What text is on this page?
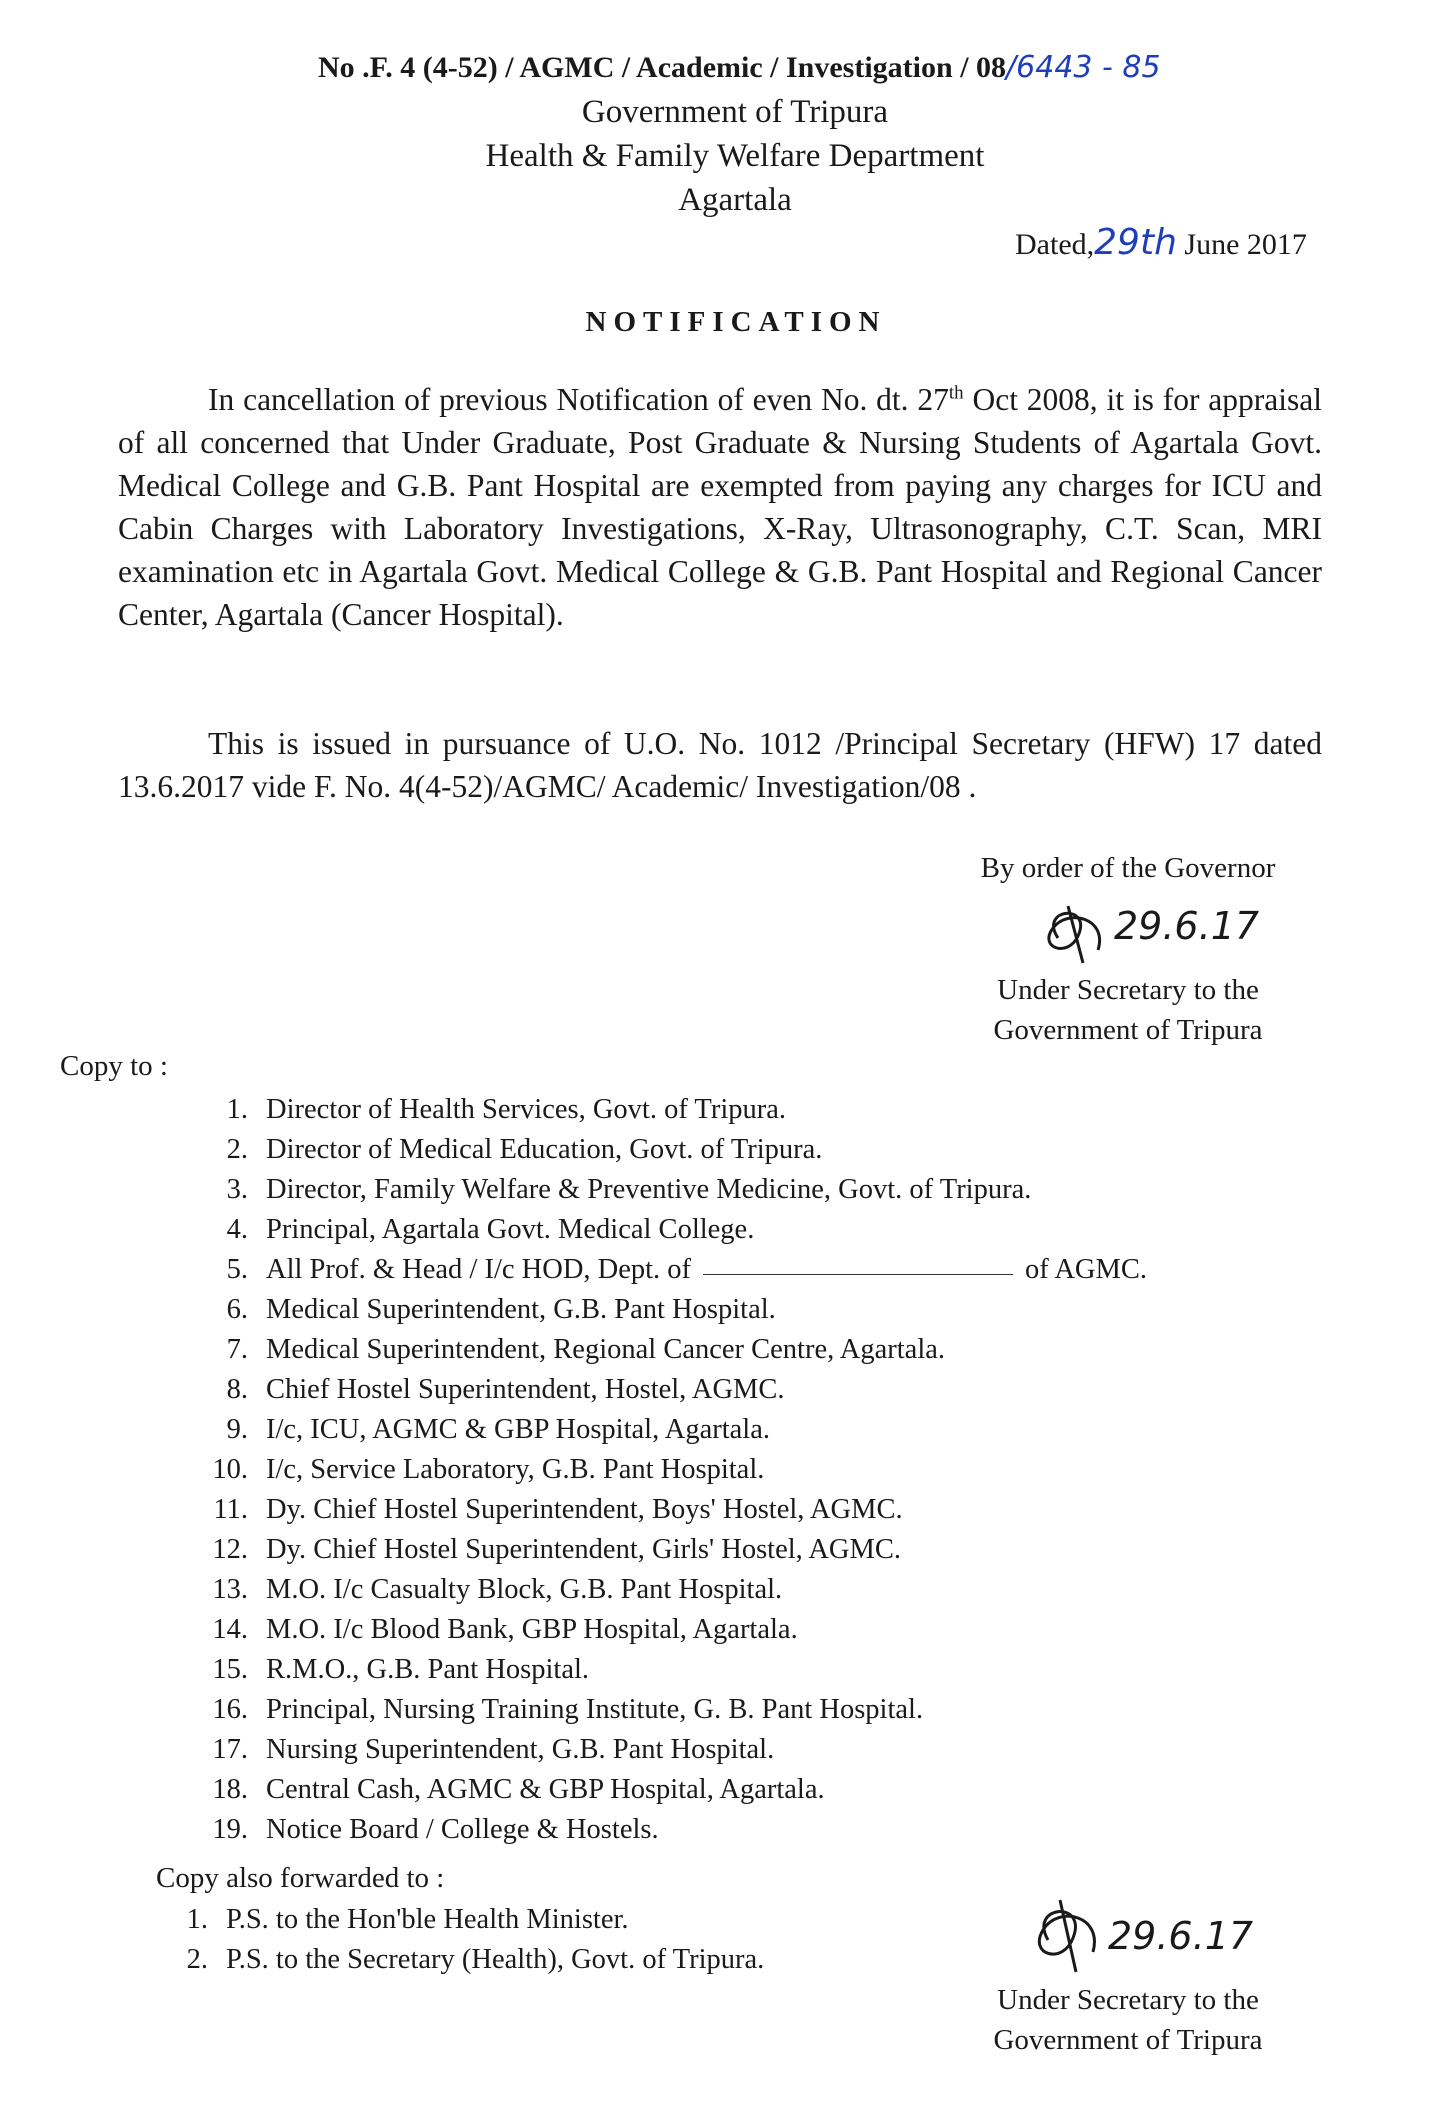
No .F. 4 (4-52) / AGMC / Academic / Investigation / 08/6443 - 85
Government of Tripura
Health & Family Welfare Department
Agartala
Dated,29th June 2017
NOTIFICATION
In cancellation of previous Notification of even No. dt. 27th Oct 2008, it is for appraisal of all concerned that Under Graduate, Post Graduate & Nursing Students of Agartala Govt. Medical College and G.B. Pant Hospital are exempted from paying any charges for ICU and Cabin Charges with Laboratory Investigations, X-Ray, Ultrasonography, C.T. Scan, MRI examination etc in Agartala Govt. Medical College & G.B. Pant Hospital and Regional Cancer Center, Agartala (Cancer Hospital).
This is issued in pursuance of U.O. No. 1012 /Principal Secretary (HFW) 17 dated 13.6.2017 vide F. No. 4(4-52)/AGMC/ Academic/ Investigation/08 .
By order of the Governor
29.6.17
Under Secretary to the
Government of Tripura
Copy to :
1. Director of Health Services, Govt. of Tripura.
2. Director of Medical Education, Govt. of Tripura.
3. Director, Family Welfare & Preventive Medicine, Govt. of Tripura.
4. Principal, Agartala Govt. Medical College.
5. All Prof. & Head / I/c HOD, Dept. of	of AGMC.
6. Medical Superintendent, G.B. Pant Hospital.
7. Medical Superintendent, Regional Cancer Centre, Agartala.
8. Chief Hostel Superintendent, Hostel, AGMC.
9. I/c, ICU, AGMC & GBP Hospital, Agartala.
10. I/c, Service Laboratory, G.B. Pant Hospital.
11. Dy. Chief Hostel Superintendent, Boys' Hostel, AGMC.
12. Dy. Chief Hostel Superintendent, Girls' Hostel, AGMC.
13. M.O. I/c Casualty Block, G.B. Pant Hospital.
14. M.O. I/c Blood Bank, GBP Hospital, Agartala.
15. R.M.O., G.B. Pant Hospital.
16. Principal, Nursing Training Institute, G. B. Pant Hospital.
17. Nursing Superintendent, G.B. Pant Hospital.
18. Central Cash, AGMC & GBP Hospital, Agartala.
19. Notice Board / College & Hostels.
Copy also forwarded to :
1. P.S. to the Hon'ble Health Minister.
2. P.S. to the Secretary (Health), Govt. of Tripura.
29.6.17
Under Secretary to the
Government of Tripura
